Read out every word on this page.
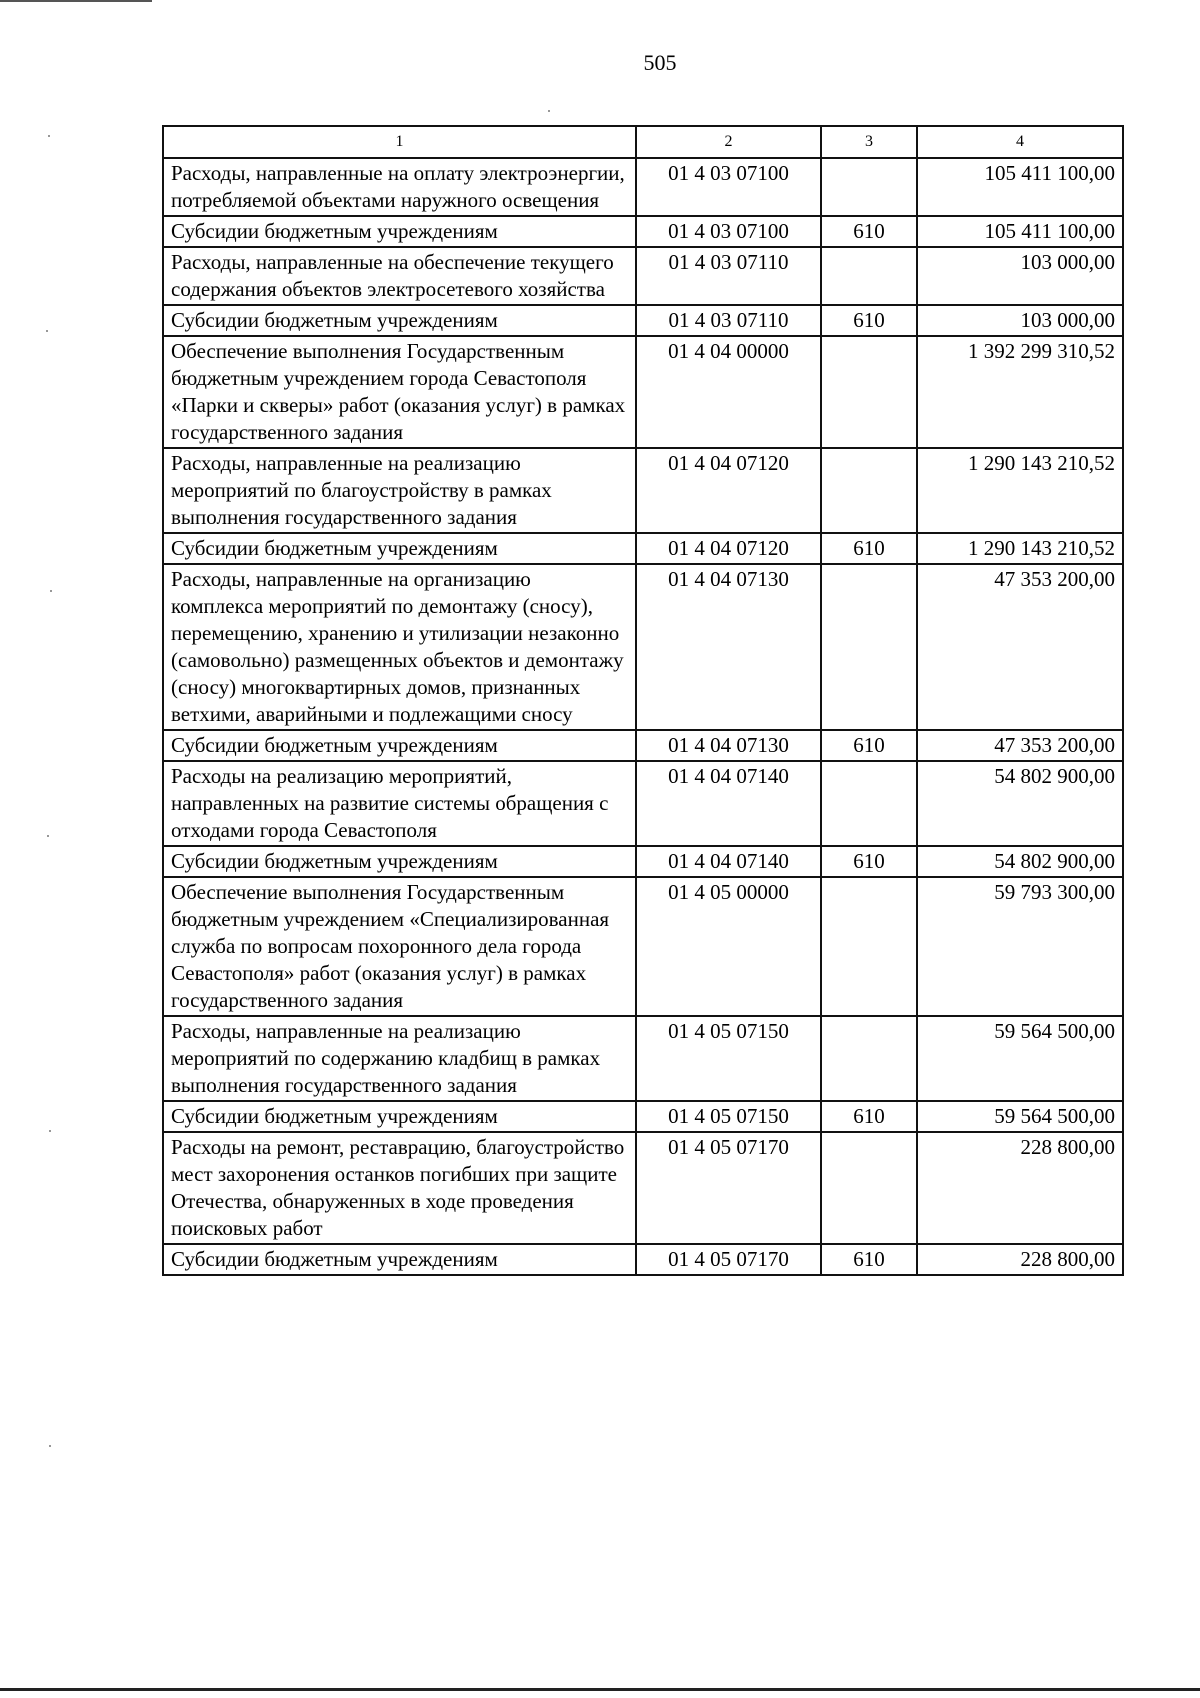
505
1	2	3	4
Расходы, направленные на оплату электроэнергии, потребляемой объектами наружного освещения	01 4 03 07100		105 411 100,00
Субсидии бюджетным учреждениям	01 4 03 07100	610	105 411 100,00
Расходы, направленные на обеспечение текущего содержания объектов электросетевого хозяйства	01 4 03 07110		103 000,00
Субсидии бюджетным учреждениям	01 4 03 07110	610	103 000,00
Обеспечение выполнения Государственным бюджетным учреждением города Севастополя «Парки и скверы» работ (оказания услуг) в рамках государственного задания	01 4 04 00000		1 392 299 310,52
Расходы, направленные на реализацию мероприятий по благоустройству в рамках выполнения государственного задания	01 4 04 07120		1 290 143 210,52
Субсидии бюджетным учреждениям	01 4 04 07120	610	1 290 143 210,52
Расходы, направленные на организацию комплекса мероприятий по демонтажу (сносу), перемещению, хранению и утилизации незаконно (самовольно) размещенных объектов и демонтажу (сносу) многоквартирных домов, признанных ветхими, аварийными и подлежащими сносу	01 4 04 07130		47 353 200,00
Субсидии бюджетным учреждениям	01 4 04 07130	610	47 353 200,00
Расходы на реализацию мероприятий, направленных на развитие системы обращения с отходами города Севастополя	01 4 04 07140		54 802 900,00
Субсидии бюджетным учреждениям	01 4 04 07140	610	54 802 900,00
Обеспечение выполнения Государственным бюджетным учреждением «Специализированная служба по вопросам похоронного дела города Севастополя» работ (оказания услуг) в рамках государственного задания	01 4 05 00000		59 793 300,00
Расходы, направленные на реализацию мероприятий по содержанию кладбищ в рамках выполнения государственного задания	01 4 05 07150		59 564 500,00
Субсидии бюджетным учреждениям	01 4 05 07150	610	59 564 500,00
Расходы на ремонт, реставрацию, благоустройство мест захоронения останков погибших при защите Отечества, обнаруженных в ходе проведения поисковых работ	01 4 05 07170		228 800,00
Субсидии бюджетным учреждениям	01 4 05 07170	610	228 800,00
